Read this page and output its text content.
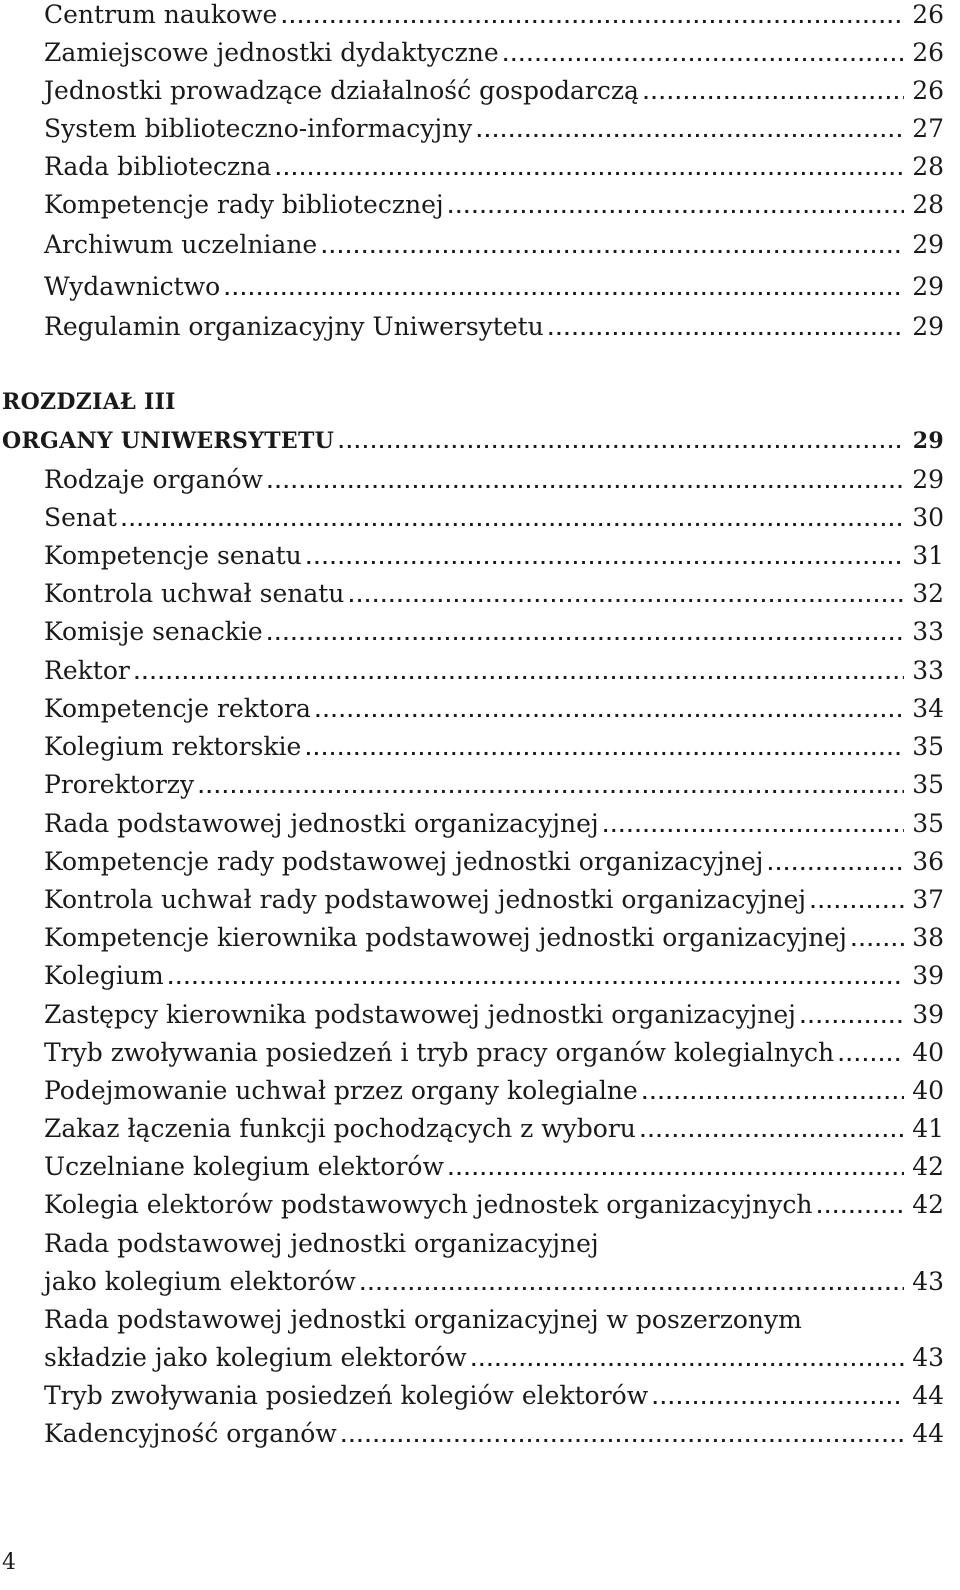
Centrum naukowe .....	26
Zamiejscowe jednostki dydaktyczne .....	26
Jednostki prowadzące działalność gospodarczą .....	26
System biblioteczno-informacyjny .....	27
Rada biblioteczna .....	28
Kompetencje rady bibliotecznej .....	28
Archiwum uczelniane .....	29
Wydawnictwo .....	29
Regulamin organizacyjny Uniwersytetu .....	29
ROZDZIAŁ III
ORGANY UNIWERSYTETU .....	29
Rodzaje organów .....	29
Senat .....	30
Kompetencje senatu .....	31
Kontrola uchwał senatu .....	32
Komisje senackie .....	33
Rektor .....	33
Kompetencje rektora .....	34
Kolegium rektorskie .....	35
Prorektorzy .....	35
Rada podstawowej jednostki organizacyjnej .....	35
Kompetencje rady podstawowej jednostki organizacyjnej .....	36
Kontrola uchwał rady podstawowej jednostki organizacyjnej .....	37
Kompetencje kierownika podstawowej jednostki organizacyjnej .....	38
Kolegium .....	39
Zastępcy kierownika podstawowej jednostki organizacyjnej .....	39
Tryb zwoływania posiedzeń i tryb pracy organów kolegialnych .....	40
Podejmowanie uchwał przez organy kolegialne .....	40
Zakaz łączenia funkcji pochodzących z wyboru .....	41
Uczelniane kolegium elektorów .....	42
Kolegia elektorów podstawowych jednostek organizacyjnych .....	42
Rada podstawowej jednostki organizacyjnej
jako kolegium elektorów .....	43
Rada podstawowej jednostki organizacyjnej w poszerzonym
składzie jako kolegium elektorów .....	43
Tryb zwoływania posiedzeń kolegiów elektorów .....	44
Kadencyjność organów .....	44
4
